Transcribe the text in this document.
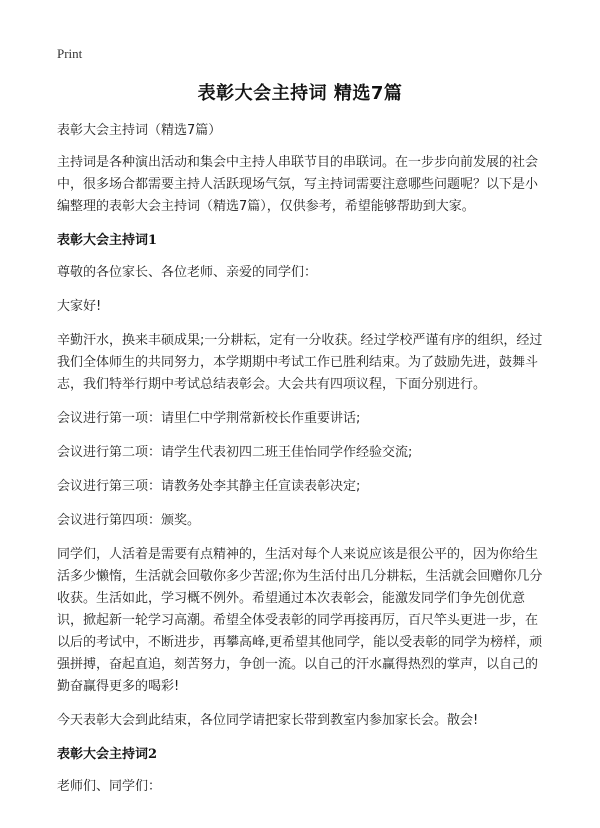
Print
表彰大会主持词 精选7篇

表彰大会主持词（精选7篇）

主持词是各种演出活动和集会中主持人串联节目的串联词。在一步步向前发展的社会中，很多场合都需要主持人活跃现场气氛，写主持词需要注意哪些问题呢？以下是小编整理的表彰大会主持词（精选7篇），仅供参考，希望能够帮助到大家。

表彰大会主持词1

尊敬的各位家长、各位老师、亲爱的同学们：

大家好!

辛勤汗水，换来丰硕成果;一分耕耘，定有一分收获。经过学校严谨有序的组织，经过我们全体师生的共同努力，本学期期中考试工作已胜利结束。为了鼓励先进，鼓舞斗志，我们特举行期中考试总结表彰会。大会共有四项议程，下面分别进行。

会议进行第一项：请里仁中学荆常新校长作重要讲话;

会议进行第二项：请学生代表初四二班王佳怡同学作经验交流;

会议进行第三项：请教务处李其静主任宣读表彰决定;

会议进行第四项：颁奖。

同学们，人活着是需要有点精神的，生活对每个人来说应该是很公平的，因为你给生活多少懒惰，生活就会回敬你多少苦涩;你为生活付出几分耕耘，生活就会回赠你几分收获。生活如此，学习概不例外。希望通过本次表彰会，能激发同学们争先创优意识，掀起新一轮学习高潮。希望全体受表彰的同学再接再厉，百尺竿头更进一步，在以后的考试中，不断进步，再攀高峰,更希望其他同学，能以受表彰的同学为榜样，顽强拼搏，奋起直追，刻苦努力，争创一流。以自己的汗水赢得热烈的掌声，以自己的勤奋赢得更多的喝彩!

今天表彰大会到此结束，各位同学请把家长带到教室内参加家长会。散会!

表彰大会主持词2

老师们、同学们：
